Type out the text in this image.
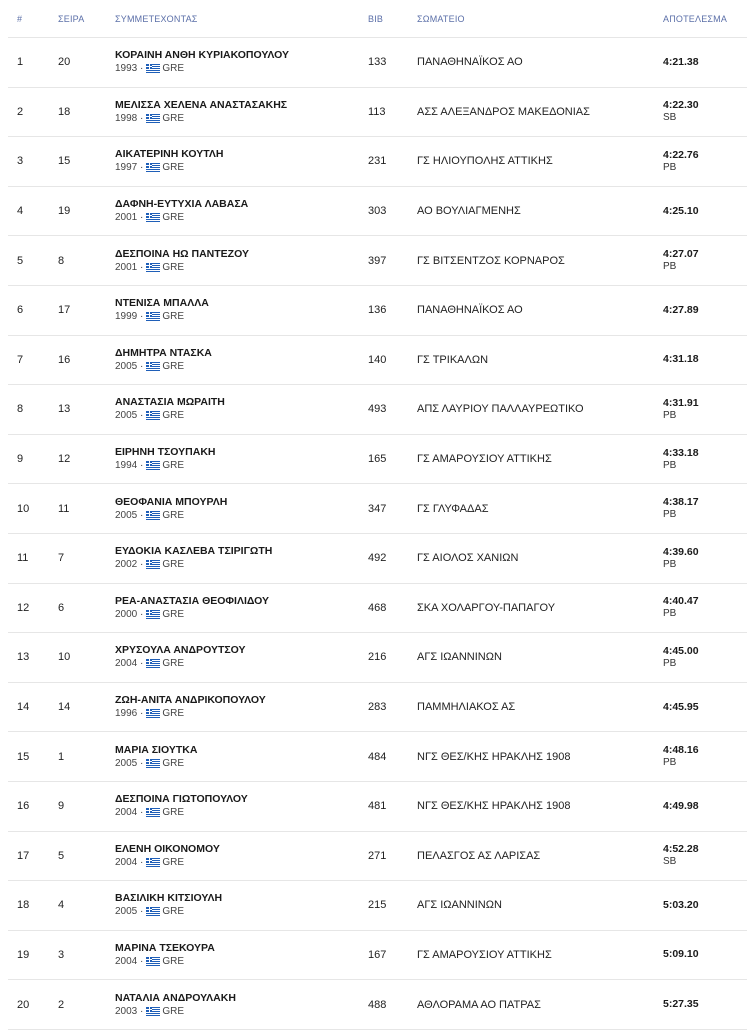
#	ΣΕΙΡΑ	ΣΥΜΜΕΤΕΧΟΝΤΑΣ	BIB	ΣΩΜΑΤΕΙΟ	ΑΠΟΤΕΛΕΣΜΑ
1	20
ΚΟΡΑΙΝΗ ΑΝΘΗ ΚΥΡΙΑΚΟΠΟΥΛΟΥ
1993 · GRE
133	ΠΑΝΑΘΗΝΑΪΚΟΣ ΑΟ	4:21.38
2	18
ΜΕΛΙΣΣΑ ΧΕΛΕΝΑ ΑΝΑΣΤΑΣΑΚΗΣ
1998 · GRE
113	ΑΣΣ ΑΛΕΞΑΝΔΡΟΣ ΜΑΚΕΔΟΝΙΑΣ
4:22.30
SB
3	15
ΑΙΚΑΤΕΡΙΝΗ ΚΟΥΤΛΗ
1997 · GRE
231	ΓΣ ΗΛΙΟΥΠΟΛΗΣ ΑΤΤΙΚΗΣ
4:22.76
PB
4	19
ΔΑΦΝΗ-ΕΥΤΥΧΙΑ ΛΑΒΑΣΑ
2001 · GRE
303	ΑΟ ΒΟΥΛΙΑΓΜΕΝΗΣ	4:25.10
5	8
ΔΕΣΠΟΙΝΑ ΗΩ ΠΑΝΤΕΖΟΥ
2001 · GRE
397	ΓΣ ΒΙΤΣΕΝΤΖΟΣ ΚΟΡΝΑΡΟΣ
4:27.07
PB
6	17
ΝΤΕΝΙΣΑ ΜΠΑΛΛΑ
1999 · GRE
136	ΠΑΝΑΘΗΝΑΪΚΟΣ ΑΟ	4:27.89
7	16
ΔΗΜΗΤΡΑ ΝΤΑΣΚΑ
2005 · GRE
140	ΓΣ ΤΡΙΚΑΛΩΝ	4:31.18
8	13
ΑΝΑΣΤΑΣΙΑ ΜΩΡΑΙΤΗ
2005 · GRE
493	ΑΠΣ ΛΑΥΡΙΟΥ ΠΑΛΛΑΥΡΕΩΤΙΚΟ
4:31.91
PB
9	12
ΕΙΡΗΝΗ ΤΣΟΥΠΑΚΗ
1994 · GRE
165	ΓΣ ΑΜΑΡΟΥΣΙΟΥ ΑΤΤΙΚΗΣ
4:33.18
PB
10	11
ΘΕΟΦΑΝΙΑ ΜΠΟΥΡΛΗ
2005 · GRE
347	ΓΣ ΓΛΥΦΑΔΑΣ
4:38.17
PB
11	7
ΕΥΔΟΚΙΑ ΚΑΣΛΕΒΑ ΤΣΙΡΙΓΩΤΗ
2002 · GRE
492	ΓΣ ΑΙΟΛΟΣ ΧΑΝΙΩΝ
4:39.60
PB
12	6
ΡΕΑ-ΑΝΑΣΤΑΣΙΑ ΘΕΟΦΙΛΙΔΟΥ
2000 · GRE
468	ΣΚΑ ΧΟΛΑΡΓΟΥ-ΠΑΠΑΓΟΥ
4:40.47
PB
13	10
ΧΡΥΣΟΥΛΑ ΑΝΔΡΟΥΤΣΟΥ
2004 · GRE
216	ΑΓΣ ΙΩΑΝΝΙΝΩΝ
4:45.00
PB
14	14
ΖΩΗ-ΑΝΙΤΑ ΑΝΔΡΙΚΟΠΟΥΛΟΥ
1996 · GRE
283	ΠΑΜΜΗΛΙΑΚΟΣ ΑΣ	4:45.95
15	1
ΜΑΡΙΑ ΣΙΟΥΤΚΑ
2005 · GRE
484	ΝΓΣ ΘΕΣ/ΚΗΣ ΗΡΑΚΛΗΣ 1908
4:48.16
PB
16	9
ΔΕΣΠΟΙΝΑ ΓΙΩΤΟΠΟΥΛΟΥ
2004 · GRE
481	ΝΓΣ ΘΕΣ/ΚΗΣ ΗΡΑΚΛΗΣ 1908	4:49.98
17	5
ΕΛΕΝΗ ΟΙΚΟΝΟΜΟΥ
2004 · GRE
271	ΠΕΛΑΣΓΟΣ ΑΣ ΛΑΡΙΣΑΣ
4:52.28
SB
18	4
ΒΑΣΙΛΙΚΗ ΚΙΤΣΙΟΥΛΗ
2005 · GRE
215	ΑΓΣ ΙΩΑΝΝΙΝΩΝ	5:03.20
19	3
ΜΑΡΙΝΑ ΤΣΕΚΟΥΡΑ
2004 · GRE
167	ΓΣ ΑΜΑΡΟΥΣΙΟΥ ΑΤΤΙΚΗΣ	5:09.10
20	2
ΝΑΤΑΛΙΑ ΑΝΔΡΟΥΛΑΚΗ
2003 · GRE
488	ΑΘΛΟΡΑΜΑ ΑΟ ΠΑΤΡΑΣ	5:27.35
